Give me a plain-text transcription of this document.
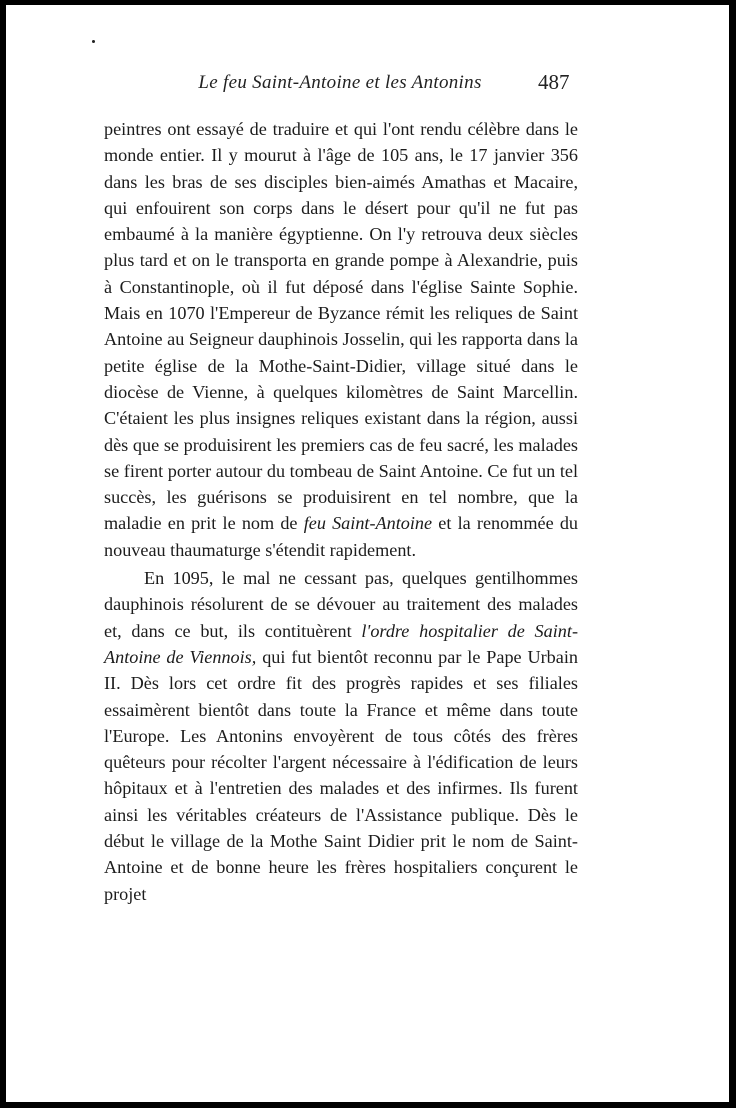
Le feu Saint-Antoine et les Antonins	487

peintres ont essayé de traduire et qui l'ont rendu célèbre dans le monde entier. Il y mourut à l'âge de 105 ans, le 17 janvier 356 dans les bras de ses disciples bien-aimés Amathas et Macaire, qui enfouirent son corps dans le désert pour qu'il ne fut pas embaumé à la manière égyptienne. On l'y retrouva deux siècles plus tard et on le transporta en grande pompe à Alexandrie, puis à Constantinople, où il fut déposé dans l'église Sainte Sophie. Mais en 1070 l'Empereur de Byzance rémit les reliques de Saint Antoine au Seigneur dauphinois Josselin, qui les rapporta dans la petite église de la Mothe-Saint-Didier, village situé dans le diocèse de Vienne, à quelques kilomètres de Saint Marcellin. C'étaient les plus insignes reliques existant dans la région, aussi dès que se produisirent les premiers cas de feu sacré, les malades se firent porter autour du tombeau de Saint Antoine. Ce fut un tel succès, les guérisons se produisirent en tel nombre, que la maladie en prit le nom de feu Saint-Antoine et la renommée du nouveau thaumaturge s'étendit rapidement.

En 1095, le mal ne cessant pas, quelques gentilhommes dauphinois résolurent de se dévouer au traitement des malades et, dans ce but, ils contituèrent l'ordre hospitalier de Saint-Antoine de Viennois, qui fut bientôt reconnu par le Pape Urbain II. Dès lors cet ordre fit des progrès rapides et ses filiales essaimèrent bientôt dans toute la France et même dans toute l'Europe. Les Antonins envoyèrent de tous côtés des frères quêteurs pour récolter l'argent nécessaire à l'édification de leurs hôpitaux et à l'entretien des malades et des infirmes. Ils furent ainsi les véritables créateurs de l'Assistance publique. Dès le début le village de la Mothe Saint Didier prit le nom de Saint-Antoine et de bonne heure les frères hospitaliers conçurent le projet
